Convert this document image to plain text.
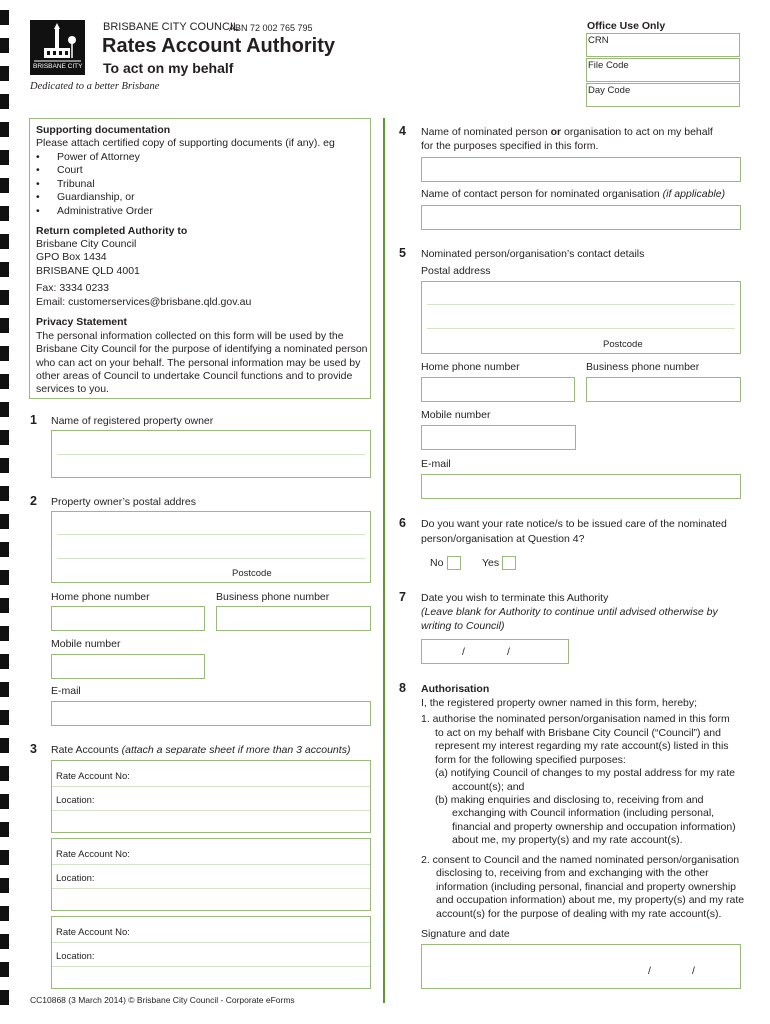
BRISBANE CITY
BRISBANE CITY COUNCIL
ABN 72 002 765 795
Rates Account Authority
To act on my behalf
Dedicated to a better Brisbane
Office Use Only
CRN
File Code
Day Code
Supporting documentation
Please attach certified copy of supporting documents (if any). eg
• Power of Attorney
• Court
• Tribunal
• Guardianship, or
• Administrative Order
Return completed Authority to
Brisbane City Council
GPO Box 1434
BRISBANE QLD 4001
Fax: 3334 0233
Email: customerservices@brisbane.qld.gov.au
Privacy Statement
The personal information collected on this form will be used by the
Brisbane City Council for the purpose of identifying a nominated person
who can act on your behalf. The personal information may be used by
other areas of Council to undertake Council functions and to provide
services to you.
1 Name of registered property owner
2 Property owner’s postal addres
Postcode
Home phone number	Business phone number
Mobile number
E-mail
3 Rate Accounts (attach a separate sheet if more than 3 accounts)
Rate Account No:
Location:
Rate Account No:
Location:
Rate Account No:
Location:
CC10868 (3 March 2014) © Brisbane City Council - Corporate eForms
4 Name of nominated person or organisation to act on my behalf
for the purposes specified in this form.
Name of contact person for nominated organisation (if applicable)
5 Nominated person/organisation’s contact details
Postal address
Postcode
Home phone number	Business phone number
Mobile number
E-mail
6 Do you want your rate notice/s to be issued care of the nominated
person/organisation at Question 4?
No	Yes
7 Date you wish to terminate this Authority
(Leave blank for Authority to continue until advised otherwise by
writing to Council)
/	/
8 Authorisation
I, the registered property owner named in this form, hereby;
1. authorise the nominated person/organisation named in this form
to act on my behalf with Brisbane City Council (“Council”) and
represent my interest regarding my rate account(s) listed in this
form for the following specified purposes:
(a) notifying Council of changes to my postal address for my rate
account(s); and
(b) making enquiries and disclosing to, receiving from and
exchanging with Council information (including personal,
financial and property ownership and occupation information)
about me, my property(s) and my rate account(s).
2. consent to Council and the named nominated person/organisation
disclosing to, receiving from and exchanging with the other
information (including personal, financial and property ownership
and occupation information) about me, my property(s) and my rate
account(s) for the purpose of dealing with my rate account(s).
Signature and date
/	/
